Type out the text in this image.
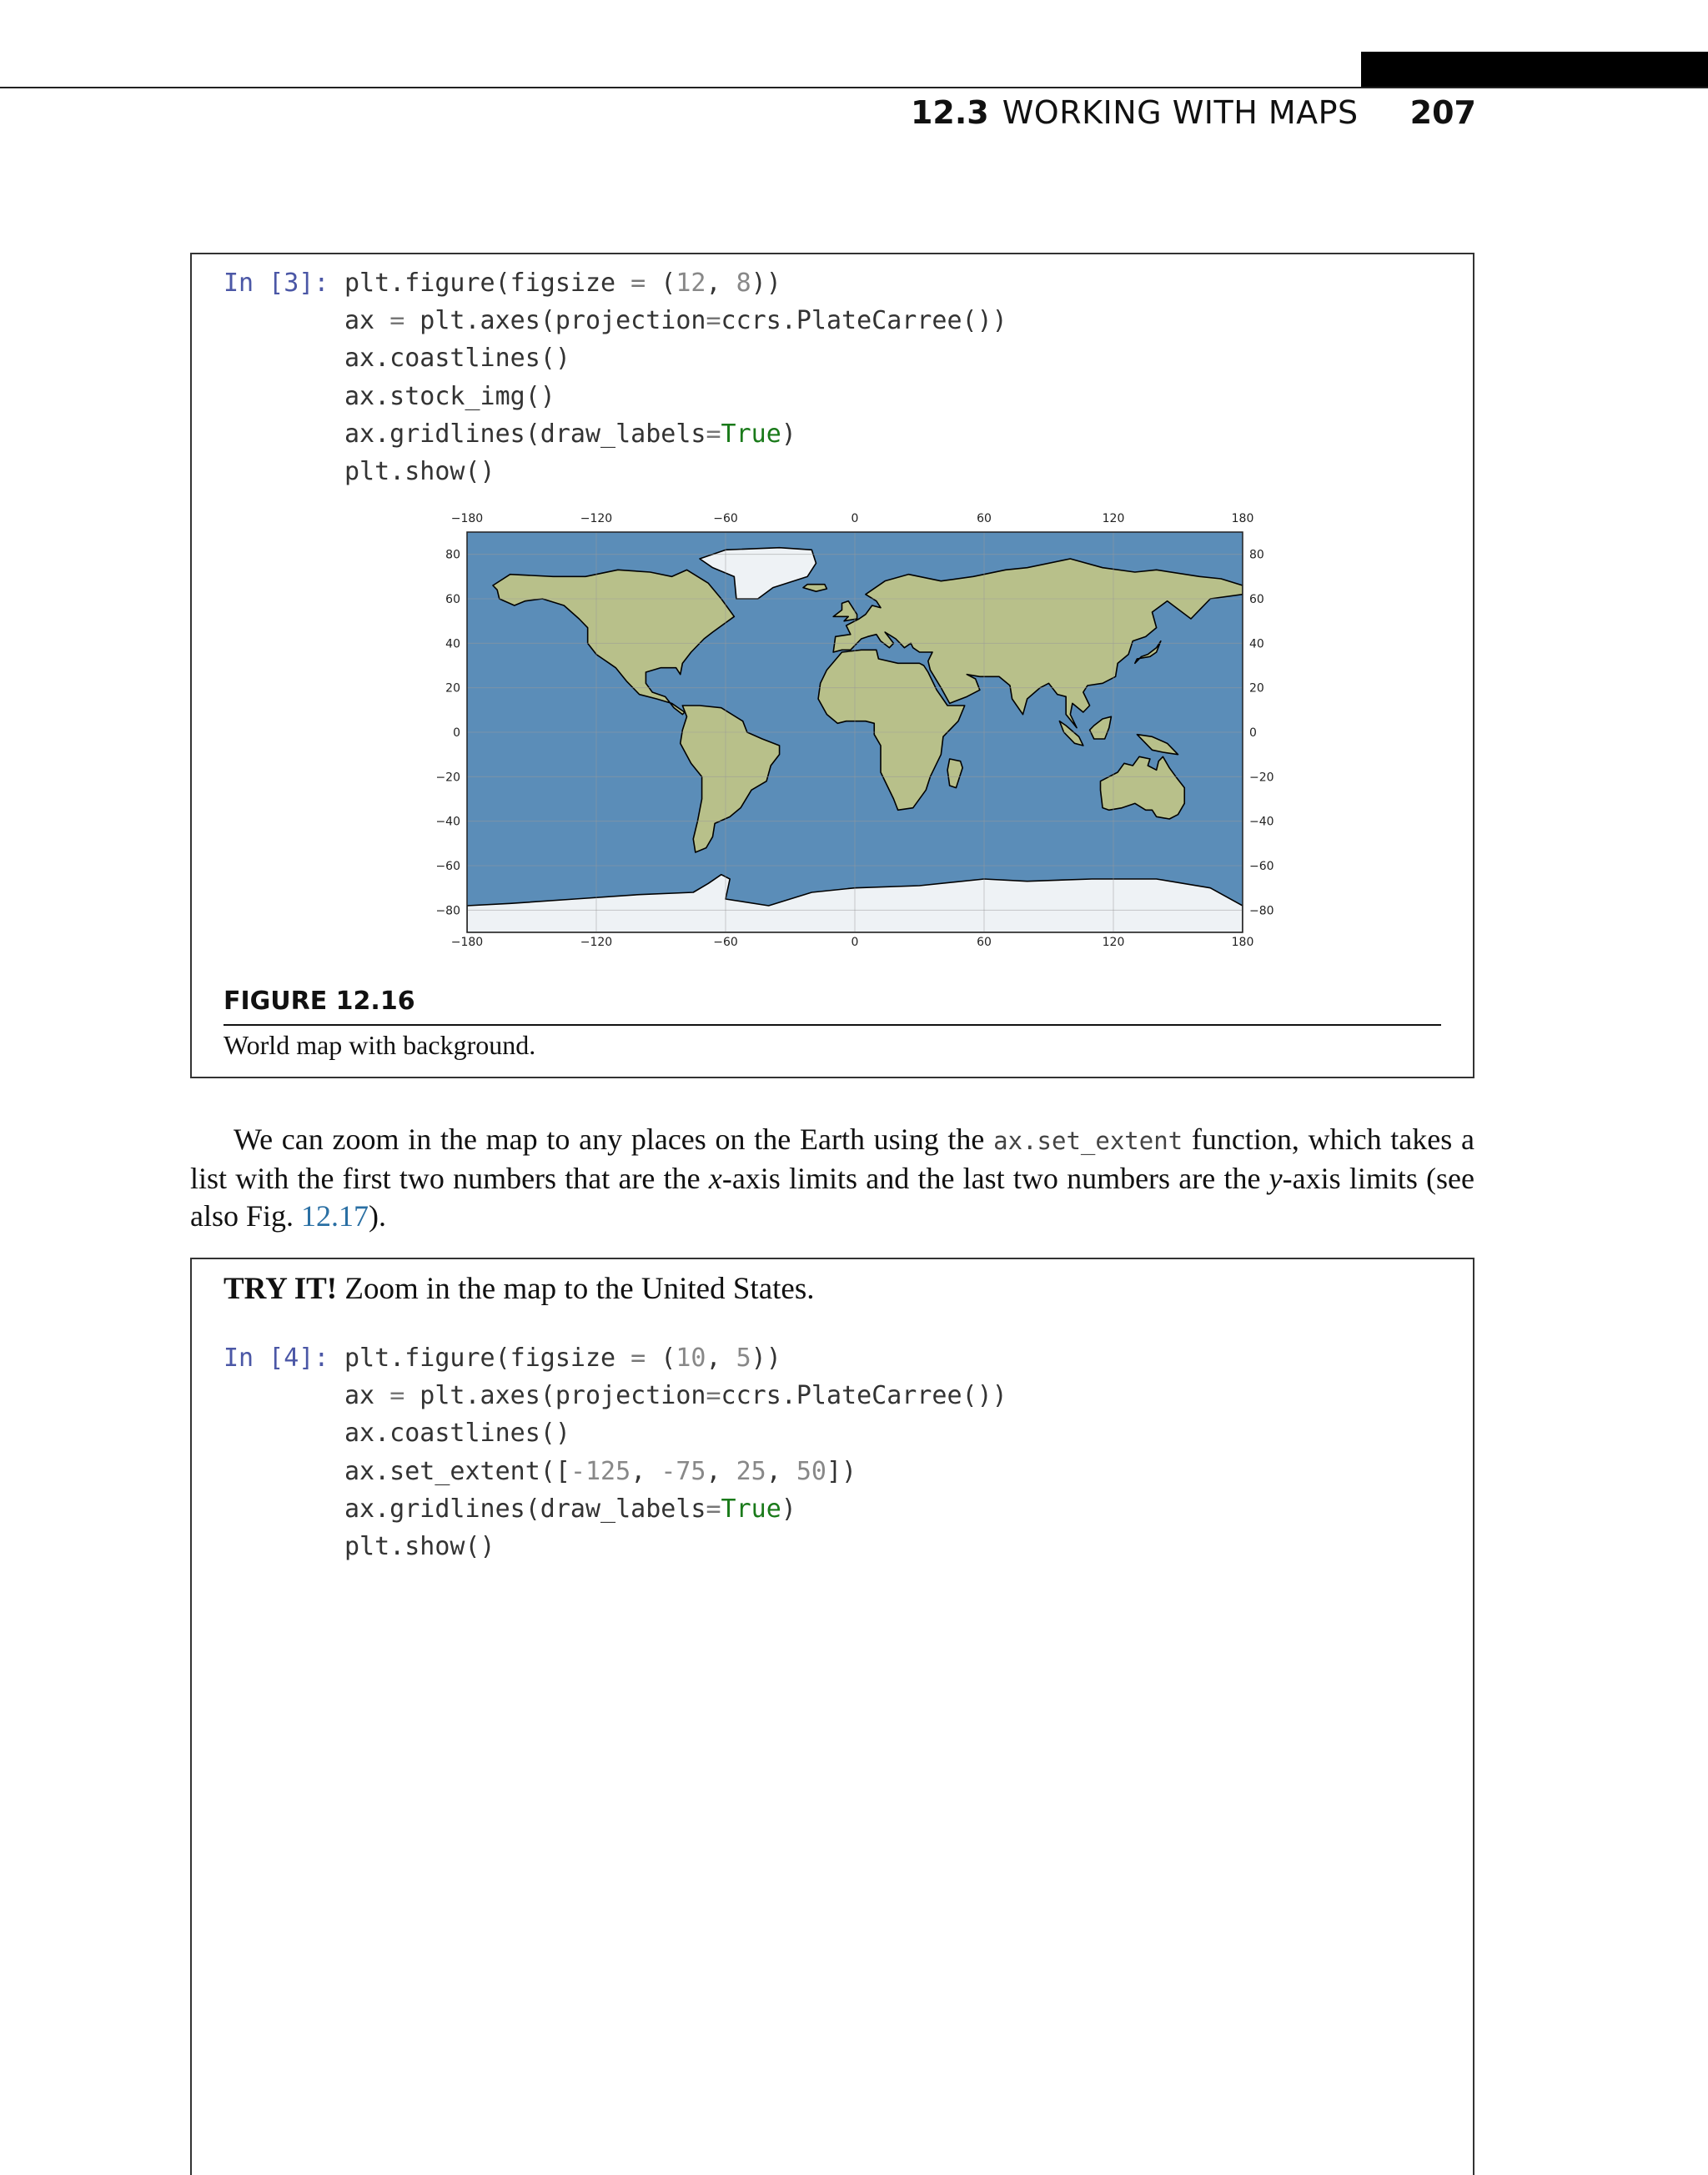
12.3 WORKING WITH MAPS 207
In [3]: plt.figure(figsize = (12, 8))
ax = plt.axes(projection=ccrs.PlateCarree())
ax.coastlines()
ax.stock_img()
ax.gridlines(draw_labels=True)
plt.show()
−180
−180
−120
−120
−60
−60
0
0
60
60
120
120
180
180
80	80
60	60
40	40
20	20
0	0
−20	−20
−40	−40
−60	−60
−80	−80
FIGURE 12.16
World map with background.
We can zoom in the map to any places on the Earth using the ax.set_extent function, which takes a list with the first two numbers that are the x-axis limits and the last two numbers are the y-axis limits (see also Fig. 12.17).
TRY IT! Zoom in the map to the United States.
In [4]: plt.figure(figsize = (10, 5))
ax = plt.axes(projection=ccrs.PlateCarree())
ax.coastlines()
ax.set_extent([-125, -75, 25, 50])
ax.gridlines(draw_labels=True)
plt.show()
